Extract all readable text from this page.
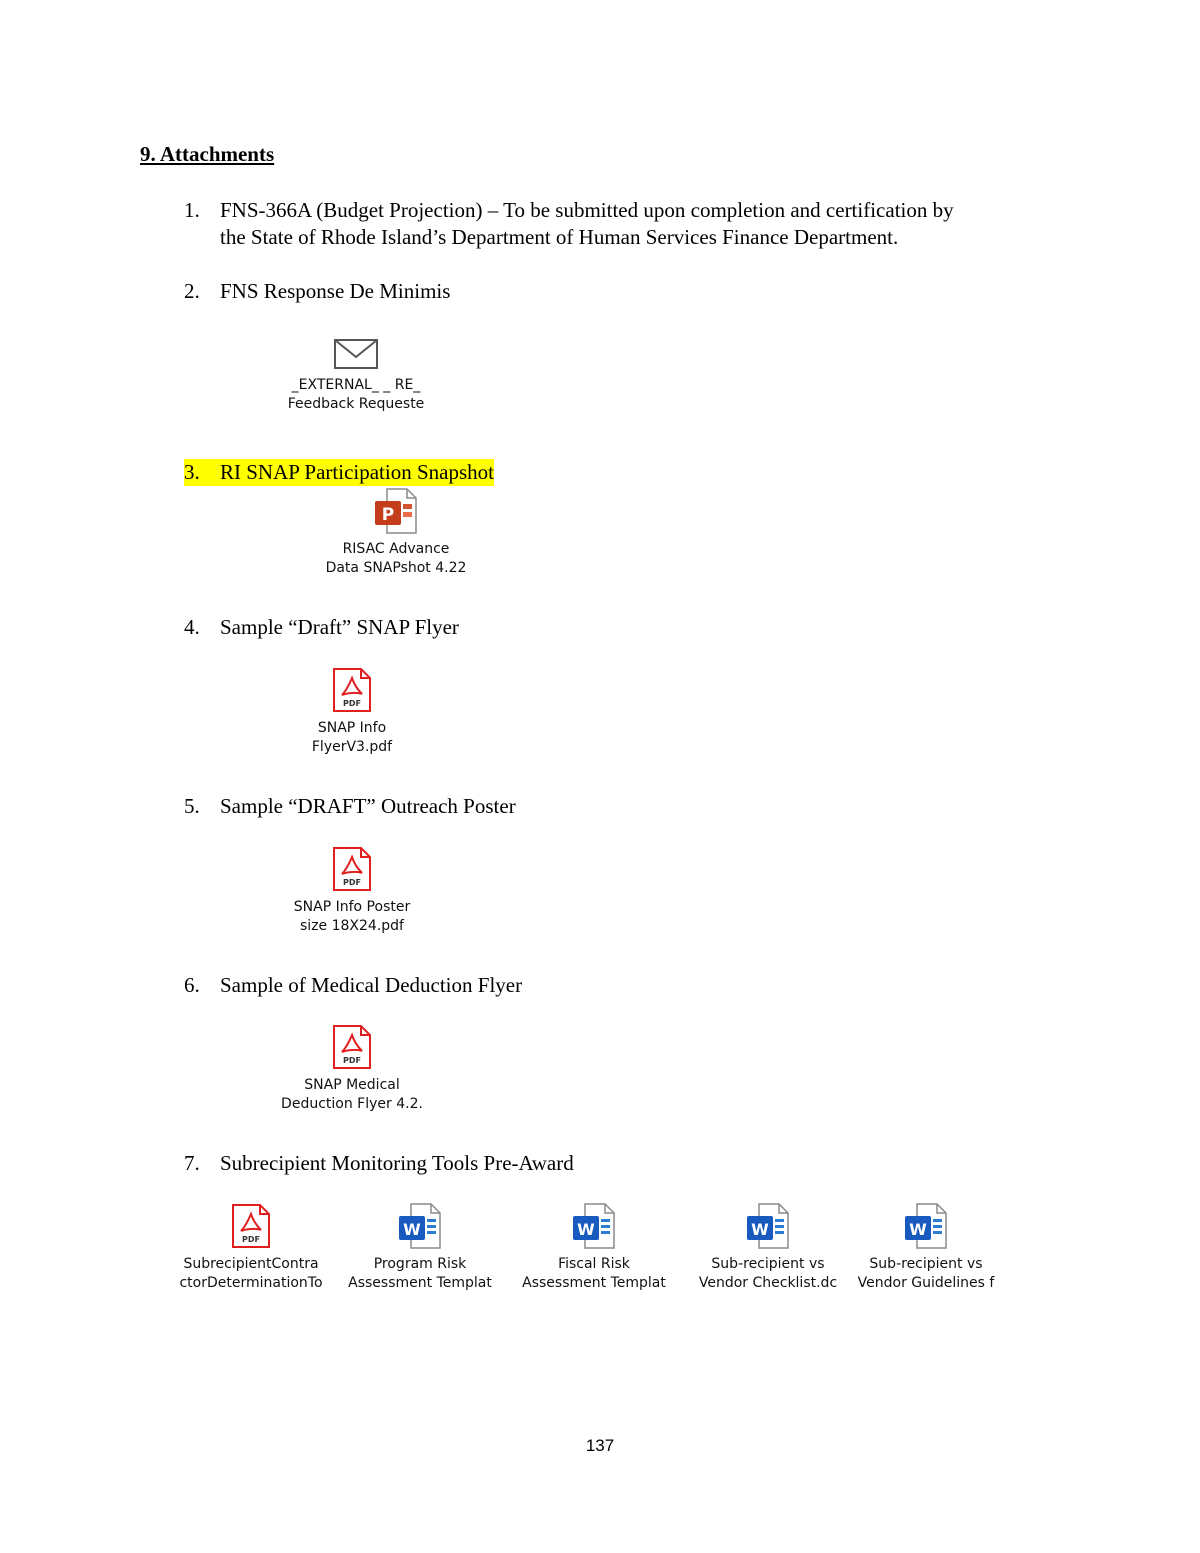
9. Attachments
1. FNS-366A (Budget Projection) – To be submitted upon completion and certification by
the State of Rhode Island’s Department of Human Services Finance Department.
2. FNS Response De Minimis
_EXTERNAL_ _ RE_
Feedback Requeste
3. RI SNAP Participation Snapshot
P
RISAC Advance
Data SNAPshot 4.22
4. Sample “Draft” SNAP Flyer
PDF
SNAP Info
FlyerV3.pdf
5. Sample “DRAFT” Outreach Poster
PDF
SNAP Info Poster
size 18X24.pdf
6. Sample of Medical Deduction Flyer
PDF
SNAP Medical
Deduction Flyer 4.2.
7. Subrecipient Monitoring Tools Pre-Award
PDF
SubrecipientContra
ctorDeterminationTo
W
Program Risk
Assessment Templat
W
Fiscal Risk
Assessment Templat
W
Sub-recipient vs
Vendor Checklist.dc
W
Sub-recipient vs
Vendor Guidelines f
137
